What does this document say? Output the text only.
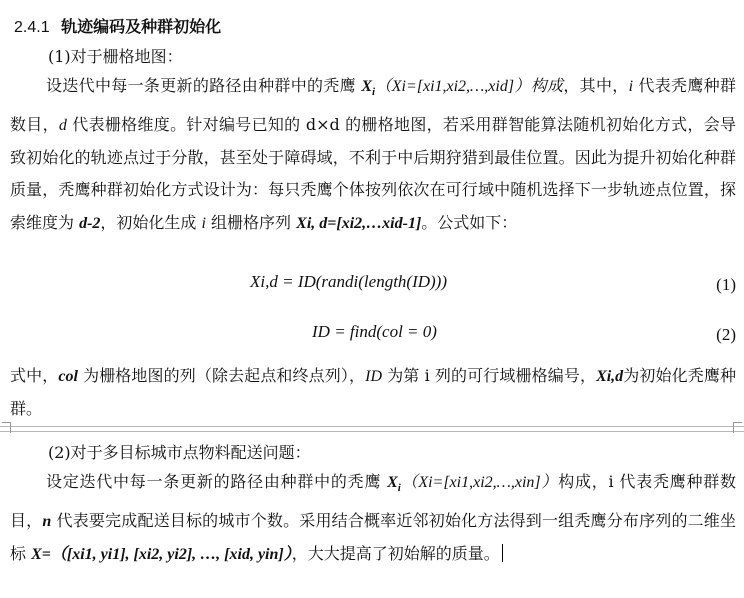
2.4.1 轨迹编码及种群初始化
(1)对于栅格地图：

设迭代中每一条更新的路径由种群中的秃鹰 $X_i(Xi=[xi1,xi2,\dots,xid])$构成，其中，i 代表秃鹰种群数目，d 代表栅格维度。针对编号已知的 d×d 的栅格地图，若采用群智能算法随机初始化方式，会导致初始化的轨迹点过于分散，甚至处于障碍域，不利于中后期狩猎到最佳位置。因此为提升初始化种群质量，秃鹰种群初始化方式设计为：每只秃鹰个体按列依次在可行域中随机选择下一步轨迹点位置，探索维度为 d-2，初始化生成 i 组栅格序列 Xi, d=[xi2,…xid-1]。公式如下：

Xi,d = ID(randi(length(ID)))	(1)
ID = find(col = 0)	(2)

式中，col 为栅格地图的列（除去起点和终点列），ID 为第 i 列的可行域栅格编号，Xi,d为初始化秃鹰种群。

(2)对于多目标城市点物料配送问题：

设定迭代中每一条更新的路径由种群中的秃鹰 $X_i(Xi=[xi1,xi2,\dots,xin])$构成，i 代表秃鹰种群数目，n 代表要完成配送目标的城市个数。采用结合概率近邻初始化方法得到一组秃鹰分布序列的二维坐标 X=（[xi1, yi1], [xi2, yi2], …, [xid, yin]），大大提高了初始解的质量。
